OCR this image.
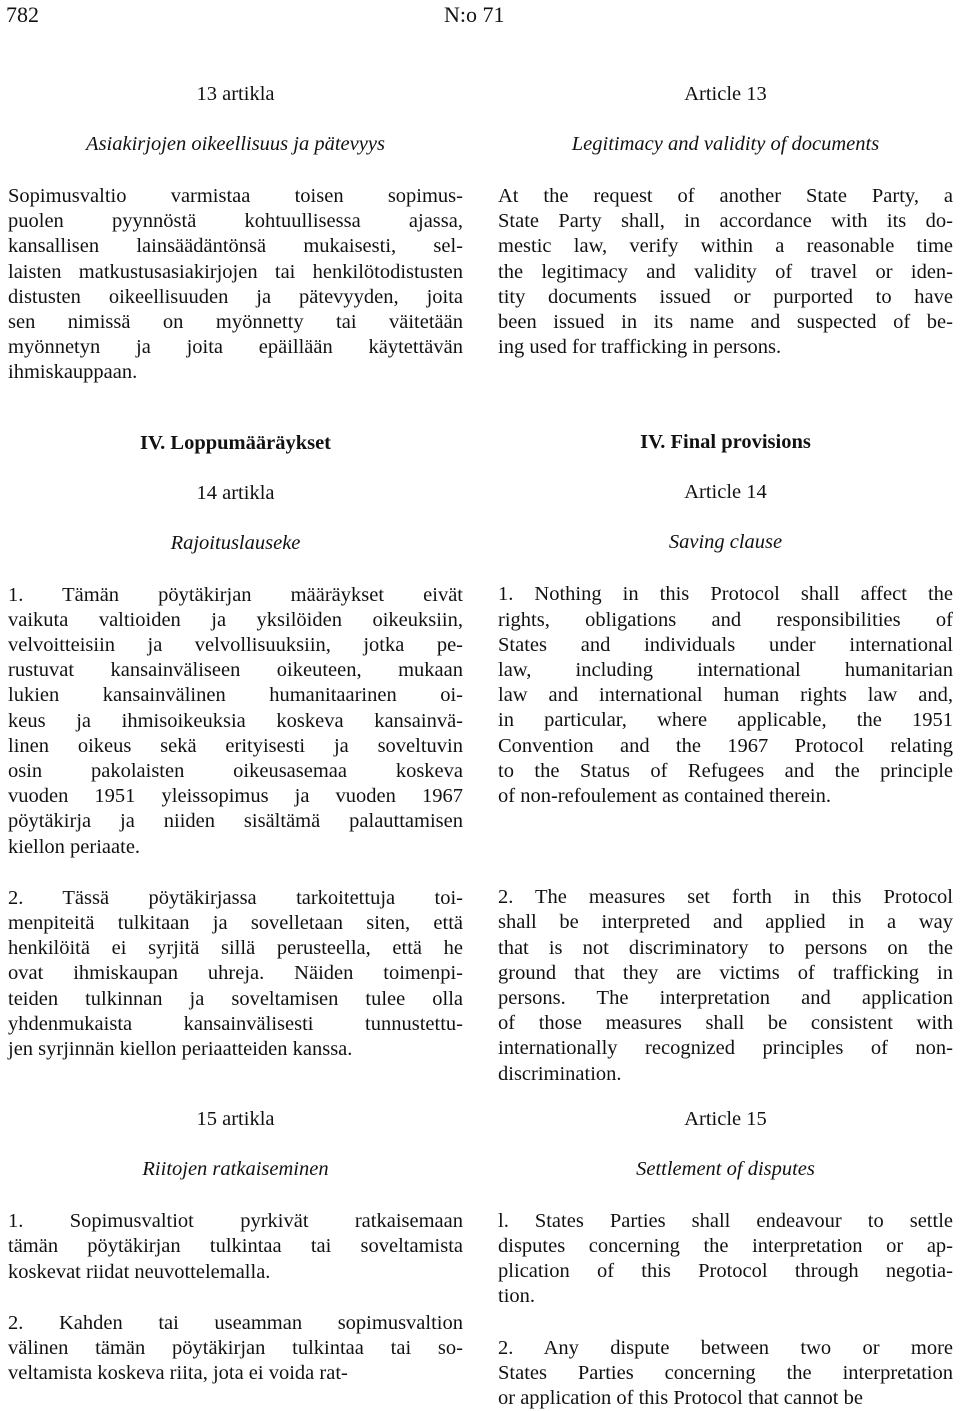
782	N:o 71
13 artikla
Asiakirjojen oikeellisuus ja pätevyys
Sopimusvaltio varmistaa toisen sopimus-
puolen pyynnöstä kohtuullisessa ajassa,
kansallisen lainsäädäntönsä mukaisesti, sel-
laisten matkustusasiakirjojen tai henkilötodistusten
distusten oikeellisuuden ja pätevyyden, joita
sen nimissä on myönnetty tai väitetään
myönnetyn ja joita epäillään käytettävän
ihmiskauppaan.
IV. Loppumääräykset
14 artikla
Rajoituslauseke
1. Tämän pöytäkirjan määräykset eivät
vaikuta valtioiden ja yksilöiden oikeuksiin,
velvoitteisiin ja velvollisuuksiin, jotka pe-
rustuvat kansainväliseen oikeuteen, mukaan
lukien kansainvälinen humanitaarinen oi-
keus ja ihmisoikeuksia koskeva kansainvä-
linen oikeus sekä erityisesti ja soveltuvin
osin pakolaisten oikeusasemaa koskeva
vuoden 1951 yleissopimus ja vuoden 1967
pöytäkirja ja niiden sisältämä palauttamisen
kiellon periaate.
2. Tässä pöytäkirjassa tarkoitettuja toi-
menpiteitä tulkitaan ja sovelletaan siten, että
henkilöitä ei syrjitä sillä perusteella, että he
ovat ihmiskaupan uhreja. Näiden toimenpi-
teiden tulkinnan ja soveltamisen tulee olla
yhdenmukaista kansainvälisesti tunnustettu-
jen syrjinnän kiellon periaatteiden kanssa.
15 artikla
Riitojen ratkaiseminen
1. Sopimusvaltiot pyrkivät ratkaisemaan
tämän pöytäkirjan tulkintaa tai soveltamista
koskevat riidat neuvottelemalla.
2. Kahden tai useamman sopimusvaltion
välinen tämän pöytäkirjan tulkintaa tai so-
veltamista koskeva riita, jota ei voida rat-
Article 13
Legitimacy and validity of documents
At the request of another State Party, a
State Party shall, in accordance with its do-
mestic law, verify within a reasonable time
the legitimacy and validity of travel or iden-
tity documents issued or purported to have
been issued in its name and suspected of be-
ing used for trafficking in persons.
IV. Final provisions
Article 14
Saving clause
1. Nothing in this Protocol shall affect the
rights, obligations and responsibilities of
States and individuals under international
law, including international humanitarian
law and international human rights law and,
in particular, where applicable, the 1951
Convention and the 1967 Protocol relating
to the Status of Refugees and the principle
of non-refoulement as contained therein.
2. The measures set forth in this Protocol
shall be interpreted and applied in a way
that is not discriminatory to persons on the
ground that they are victims of trafficking in
persons. The interpretation and application
of those measures shall be consistent with
internationally recognized principles of non-
discrimination.
Article 15
Settlement of disputes
l. States Parties shall endeavour to settle
disputes concerning the interpretation or ap-
plication of this Protocol through negotia-
tion.
2. Any dispute between two or more
States Parties concerning the interpretation
or application of this Protocol that cannot be
